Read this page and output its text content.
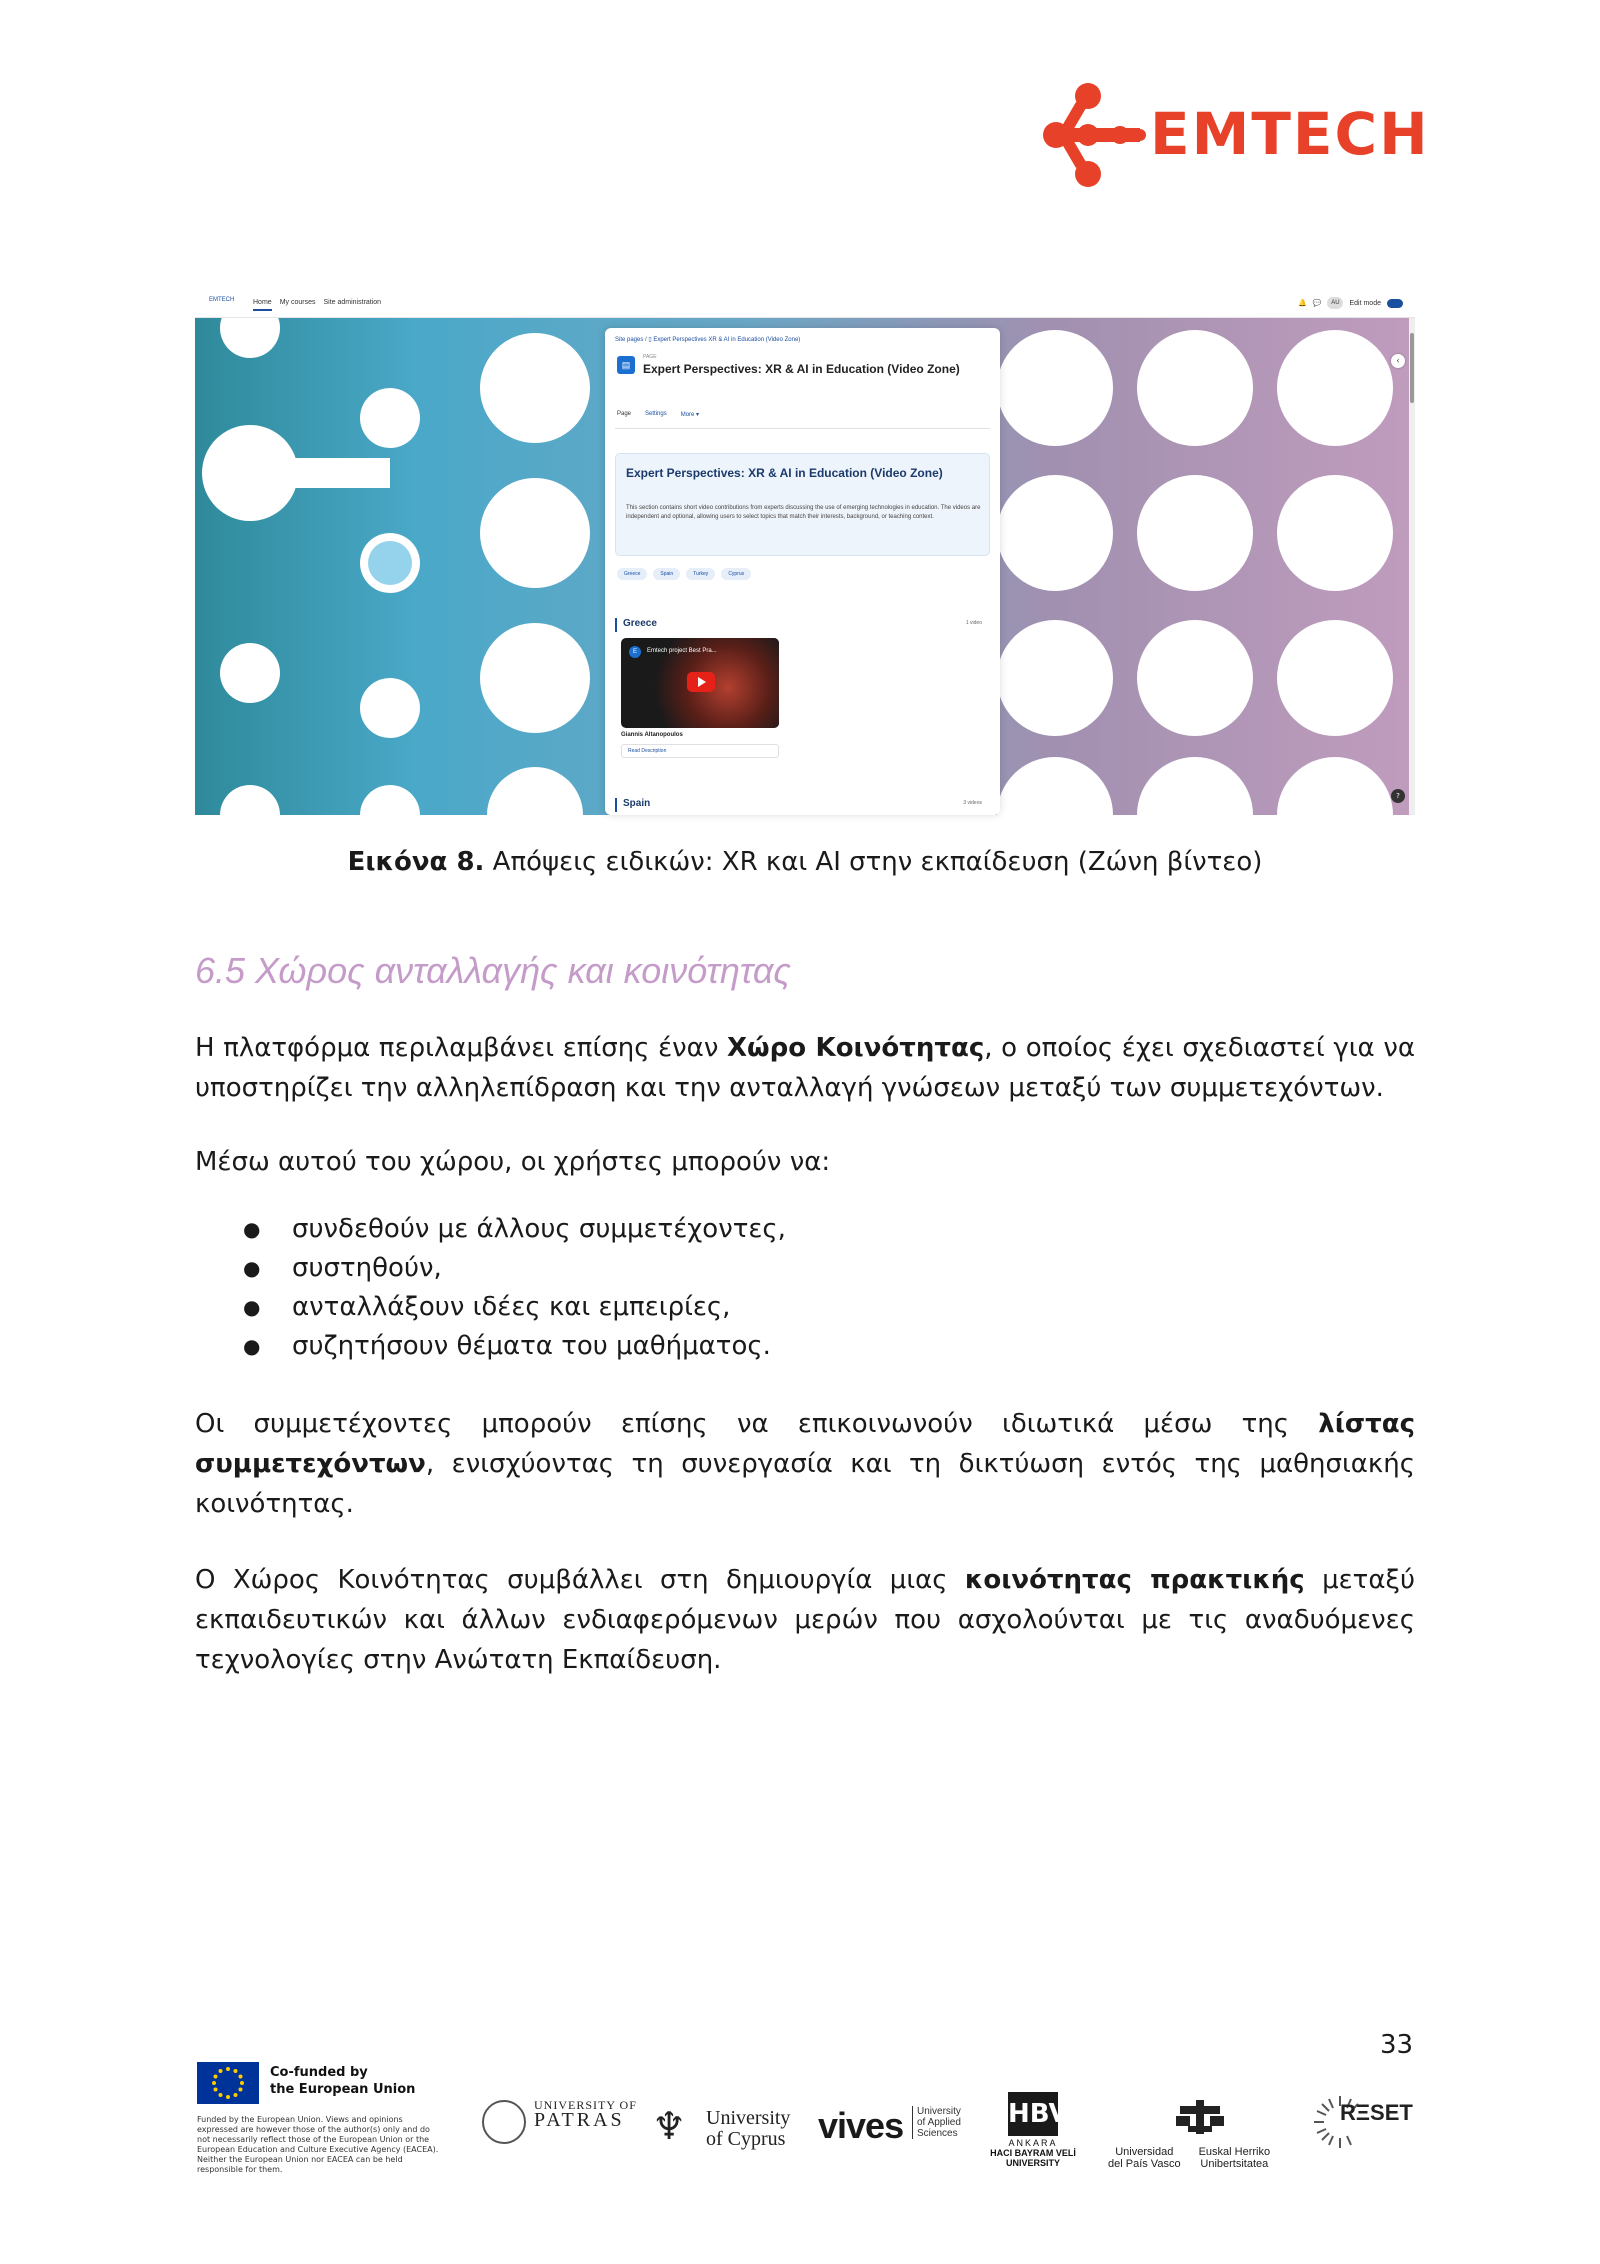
EMTECH
EMTECH	Home My courses Site administration	🔔 💬	AU	Edit mode
‹
?
Site pages / ▯ Expert Perspectives XR & AI in Education (Video Zone)
▤
PAGE
Expert Perspectives: XR & AI in Education (Video Zone)
Page Settings More ▾
Expert Perspectives: XR & AI in Education (Video Zone)
This section contains short video contributions from experts discussing the use of emerging technologies in education. The videos are independent and optional, allowing users to select topics that match their interests, background, or teaching context.
Greece	Spain	Turkey	Cyprus
Greece	1 video
E	Emtech project Best Pra...
Giannis Altanopoulos
Read Description
Spain	3 videos
Εικόνα 8. Απόψεις ειδικών: XR και AI στην εκπαίδευση (Ζώνη βίντεο)
6.5 Χώρος ανταλλαγής και κοινότητας
Η πλατφόρμα περιλαμβάνει επίσης έναν Χώρο Κοινότητας, ο οποίος έχει σχεδιαστεί για να υποστηρίζει την αλληλεπίδραση και την ανταλλαγή γνώσεων μεταξύ των συμμετεχόντων.
Μέσω αυτού του χώρου, οι χρήστες μπορούν να:
● συνδεθούν με άλλους συμμετέχοντες,
● συστηθούν,
● ανταλλάξουν ιδέες και εμπειρίες,
● συζητήσουν θέματα του μαθήματος.
Οι συμμετέχοντες μπορούν επίσης να επικοινωνούν ιδιωτικά μέσω της λίστας συμμετεχόντων, ενισχύοντας τη συνεργασία και τη δικτύωση εντός της μαθησιακής κοινότητας.
Ο Χώρος Κοινότητας συμβάλλει στη δημιουργία μιας κοινότητας πρακτικής μεταξύ εκπαιδευτικών και άλλων ενδιαφερόμενων μερών που ασχολούνται με τις αναδυόμενες τεχνολογίες στην Ανώτατη Εκπαίδευση.
33
Co-funded by
the European Union
Funded by the European Union. Views and opinions expressed are however those of the author(s) only and do not necessarily reflect those of the European Union or the European Education and Culture Executive Agency (EACEA). Neither the European Union nor EACEA can be held responsible for them.
UNIVERSITY OF
PATRAS ♆ University
of Cyprus vives University
of Applied
Sciences
HBV
ANKARA
HACI BAYRAM VELİ
UNIVERSITY
Universidad
del País Vasco
Euskal Herriko
Unibertsitatea
RΞSET
